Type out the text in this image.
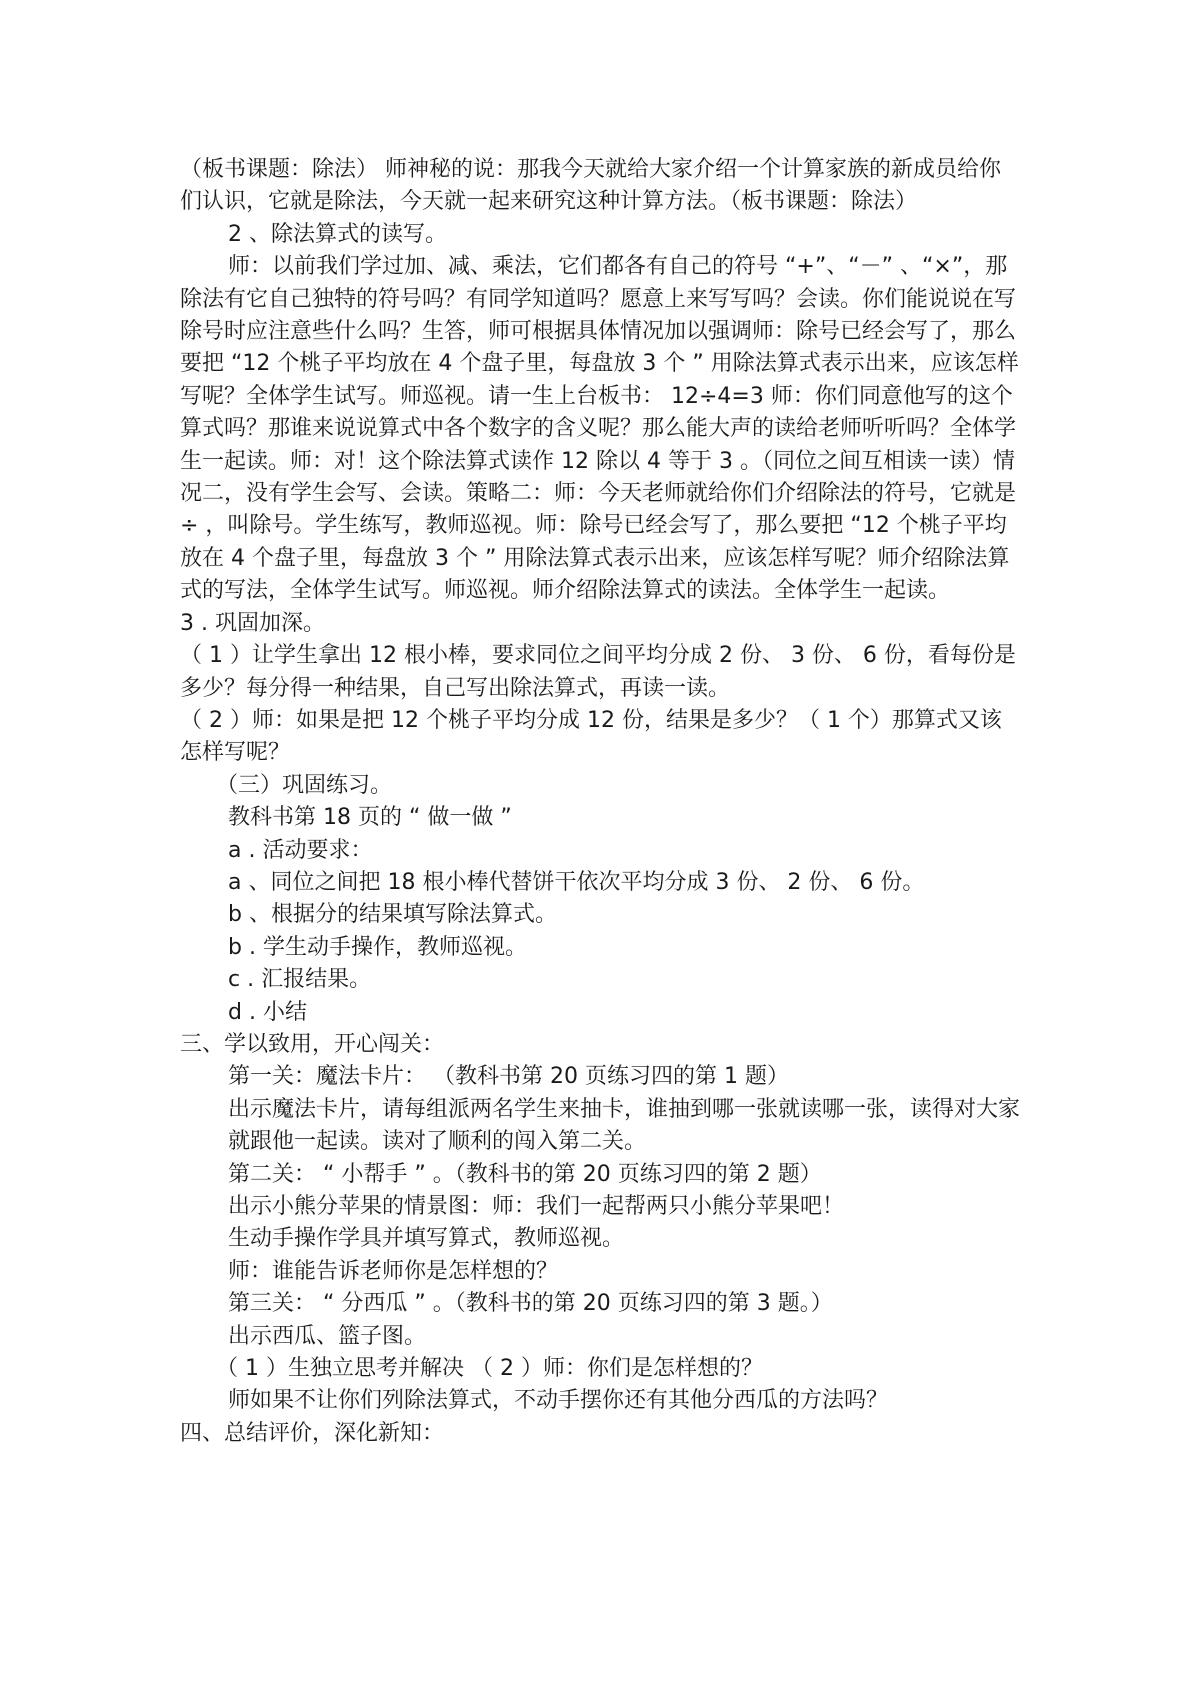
（板书课题：除法） 师神秘的说：那我今天就给大家介绍一个计算家族的新成员给你们认识，它就是除法，今天就一起来研究这种计算方法。（板书课题：除法）

2 、除法算式的读写。

师：以前我们学过加、减、乘法，它们都各有自己的符号 “+”、“－” 、“×”，那除法有它自己独特的符号吗？有同学知道吗？愿意上来写写吗？会读。你们能说说在写除号时应注意些什么吗？生答，师可根据具体情况加以强调师：除号已经会写了，那么要把 “12 个桃子平均放在 4 个盘子里，每盘放 3 个 ” 用除法算式表示出来，应该怎样写呢？全体学生试写。师巡视。请一生上台板书： 12÷4=3 师：你们同意他写的这个算式吗？那谁来说说算式中各个数字的含义呢？那么能大声的读给老师听听吗？全体学生一起读。师：对！这个除法算式读作 12 除以 4 等于 3 。（同位之间互相读一读）情况二，没有学生会写、会读。策略二：师：今天老师就给你们介绍除法的符号，它就是 ÷ ，叫除号。学生练写，教师巡视。师：除号已经会写了，那么要把 “12 个桃子平均放在 4 个盘子里，每盘放 3 个 ” 用除法算式表示出来，应该怎样写呢？师介绍除法算式的写法，全体学生试写。师巡视。师介绍除法算式的读法。全体学生一起读。

3 . 巩固加深。

（ 1 ）让学生拿出 12 根小棒，要求同位之间平均分成 2 份、 3 份、 6 份，看每份是多少？每分得一种结果，自己写出除法算式，再读一读。

（ 2 ）师：如果是把 12 个桃子平均分成 12 份，结果是多少？（ 1 个）那算式又该怎样写呢？

（三）巩固练习。

教科书第 18 页的 “ 做一做 ”

a . 活动要求：

a 、同位之间把 18 根小棒代替饼干依次平均分成 3 份、 2 份、 6 份。

b 、根据分的结果填写除法算式。

b . 学生动手操作，教师巡视。

c . 汇报结果。

d . 小结

三、学以致用，开心闯关：

第一关：魔法卡片： （教科书第 20 页练习四的第 1 题）

出示魔法卡片，请每组派两名学生来抽卡，谁抽到哪一张就读哪一张，读得对大家就跟他一起读。读对了顺利的闯入第二关。

第二关： “ 小帮手 ” 。（教科书的第 20 页练习四的第 2 题）

出示小熊分苹果的情景图：师：我们一起帮两只小熊分苹果吧！

生动手操作学具并填写算式，教师巡视。

师：谁能告诉老师你是怎样想的？

第三关： “ 分西瓜 ” 。（教科书的第 20 页练习四的第 3 题。）

出示西瓜、篮子图。

（ 1 ）生独立思考并解决 （ 2 ）师：你们是怎样想的？

师如果不让你们列除法算式，不动手摆你还有其他分西瓜的方法吗？

四、总结评价，深化新知：
